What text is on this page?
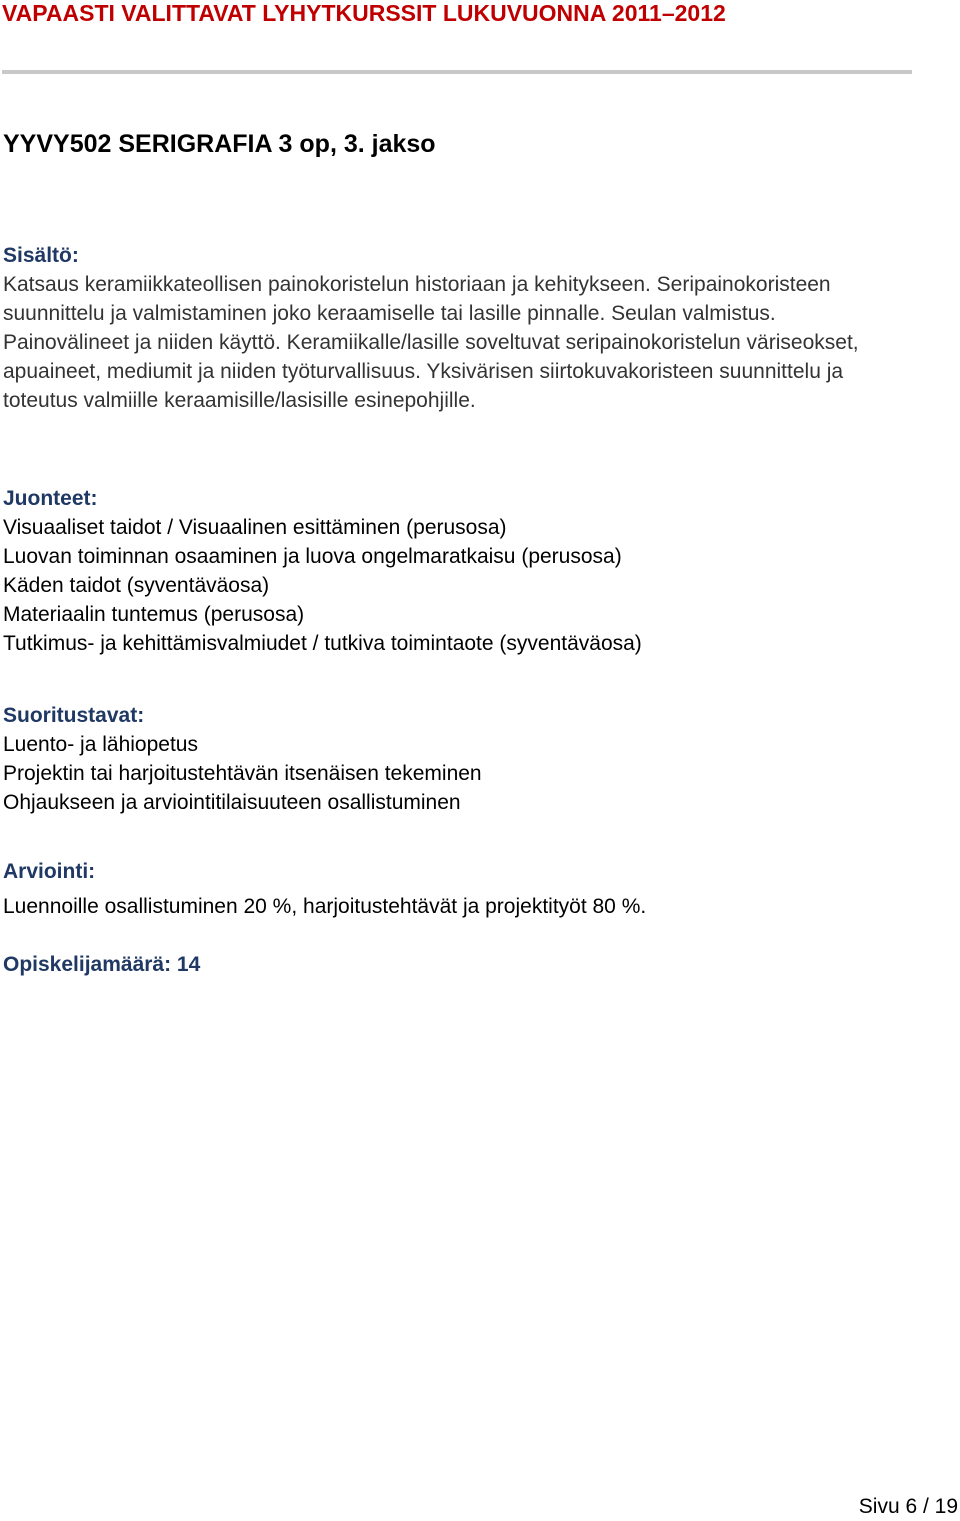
VAPAASTI VALITTAVAT LYHYTKURSSIT LUKUVUONNA 2011–2012
YYVY502 SERIGRAFIA 3 op, 3. jakso

Sisältö:

Katsaus keramiikkateollisen painokoristelun historiaan ja kehitykseen. Seripainokoristeen suunnittelu ja valmistaminen joko keraamiselle tai lasille pinnalle. Seulan valmistus. Painovälineet ja niiden käyttö. Keramiikalle/lasille soveltuvat seripainokoristelun väriseokset, apuaineet, mediumit ja niiden työturvallisuus. Yksivärisen siirtokuvakoristeen suunnittelu ja toteutus valmiille keraamisille/lasisille esinepohjille.

Juonteet:

Visuaaliset taidot / Visuaalinen esittäminen (perusosa)
Luovan toiminnan osaaminen ja luova ongelmaratkaisu (perusosa)
Käden taidot (syventäväosa)
Materiaalin tuntemus (perusosa)
Tutkimus- ja kehittämisvalmiudet / tutkiva toimintaote (syventäväosa)

Suoritustavat:

Luento- ja lähiopetus
Projektin tai harjoitustehtävän itsenäisen tekeminen
Ohjaukseen ja arviointitilaisuuteen osallistuminen

Arviointi:

Luennoille osallistuminen 20 %, harjoitustehtävät ja projektityöt 80 %.
Opiskelijamäärä: 14
Sivu 6 / 19
